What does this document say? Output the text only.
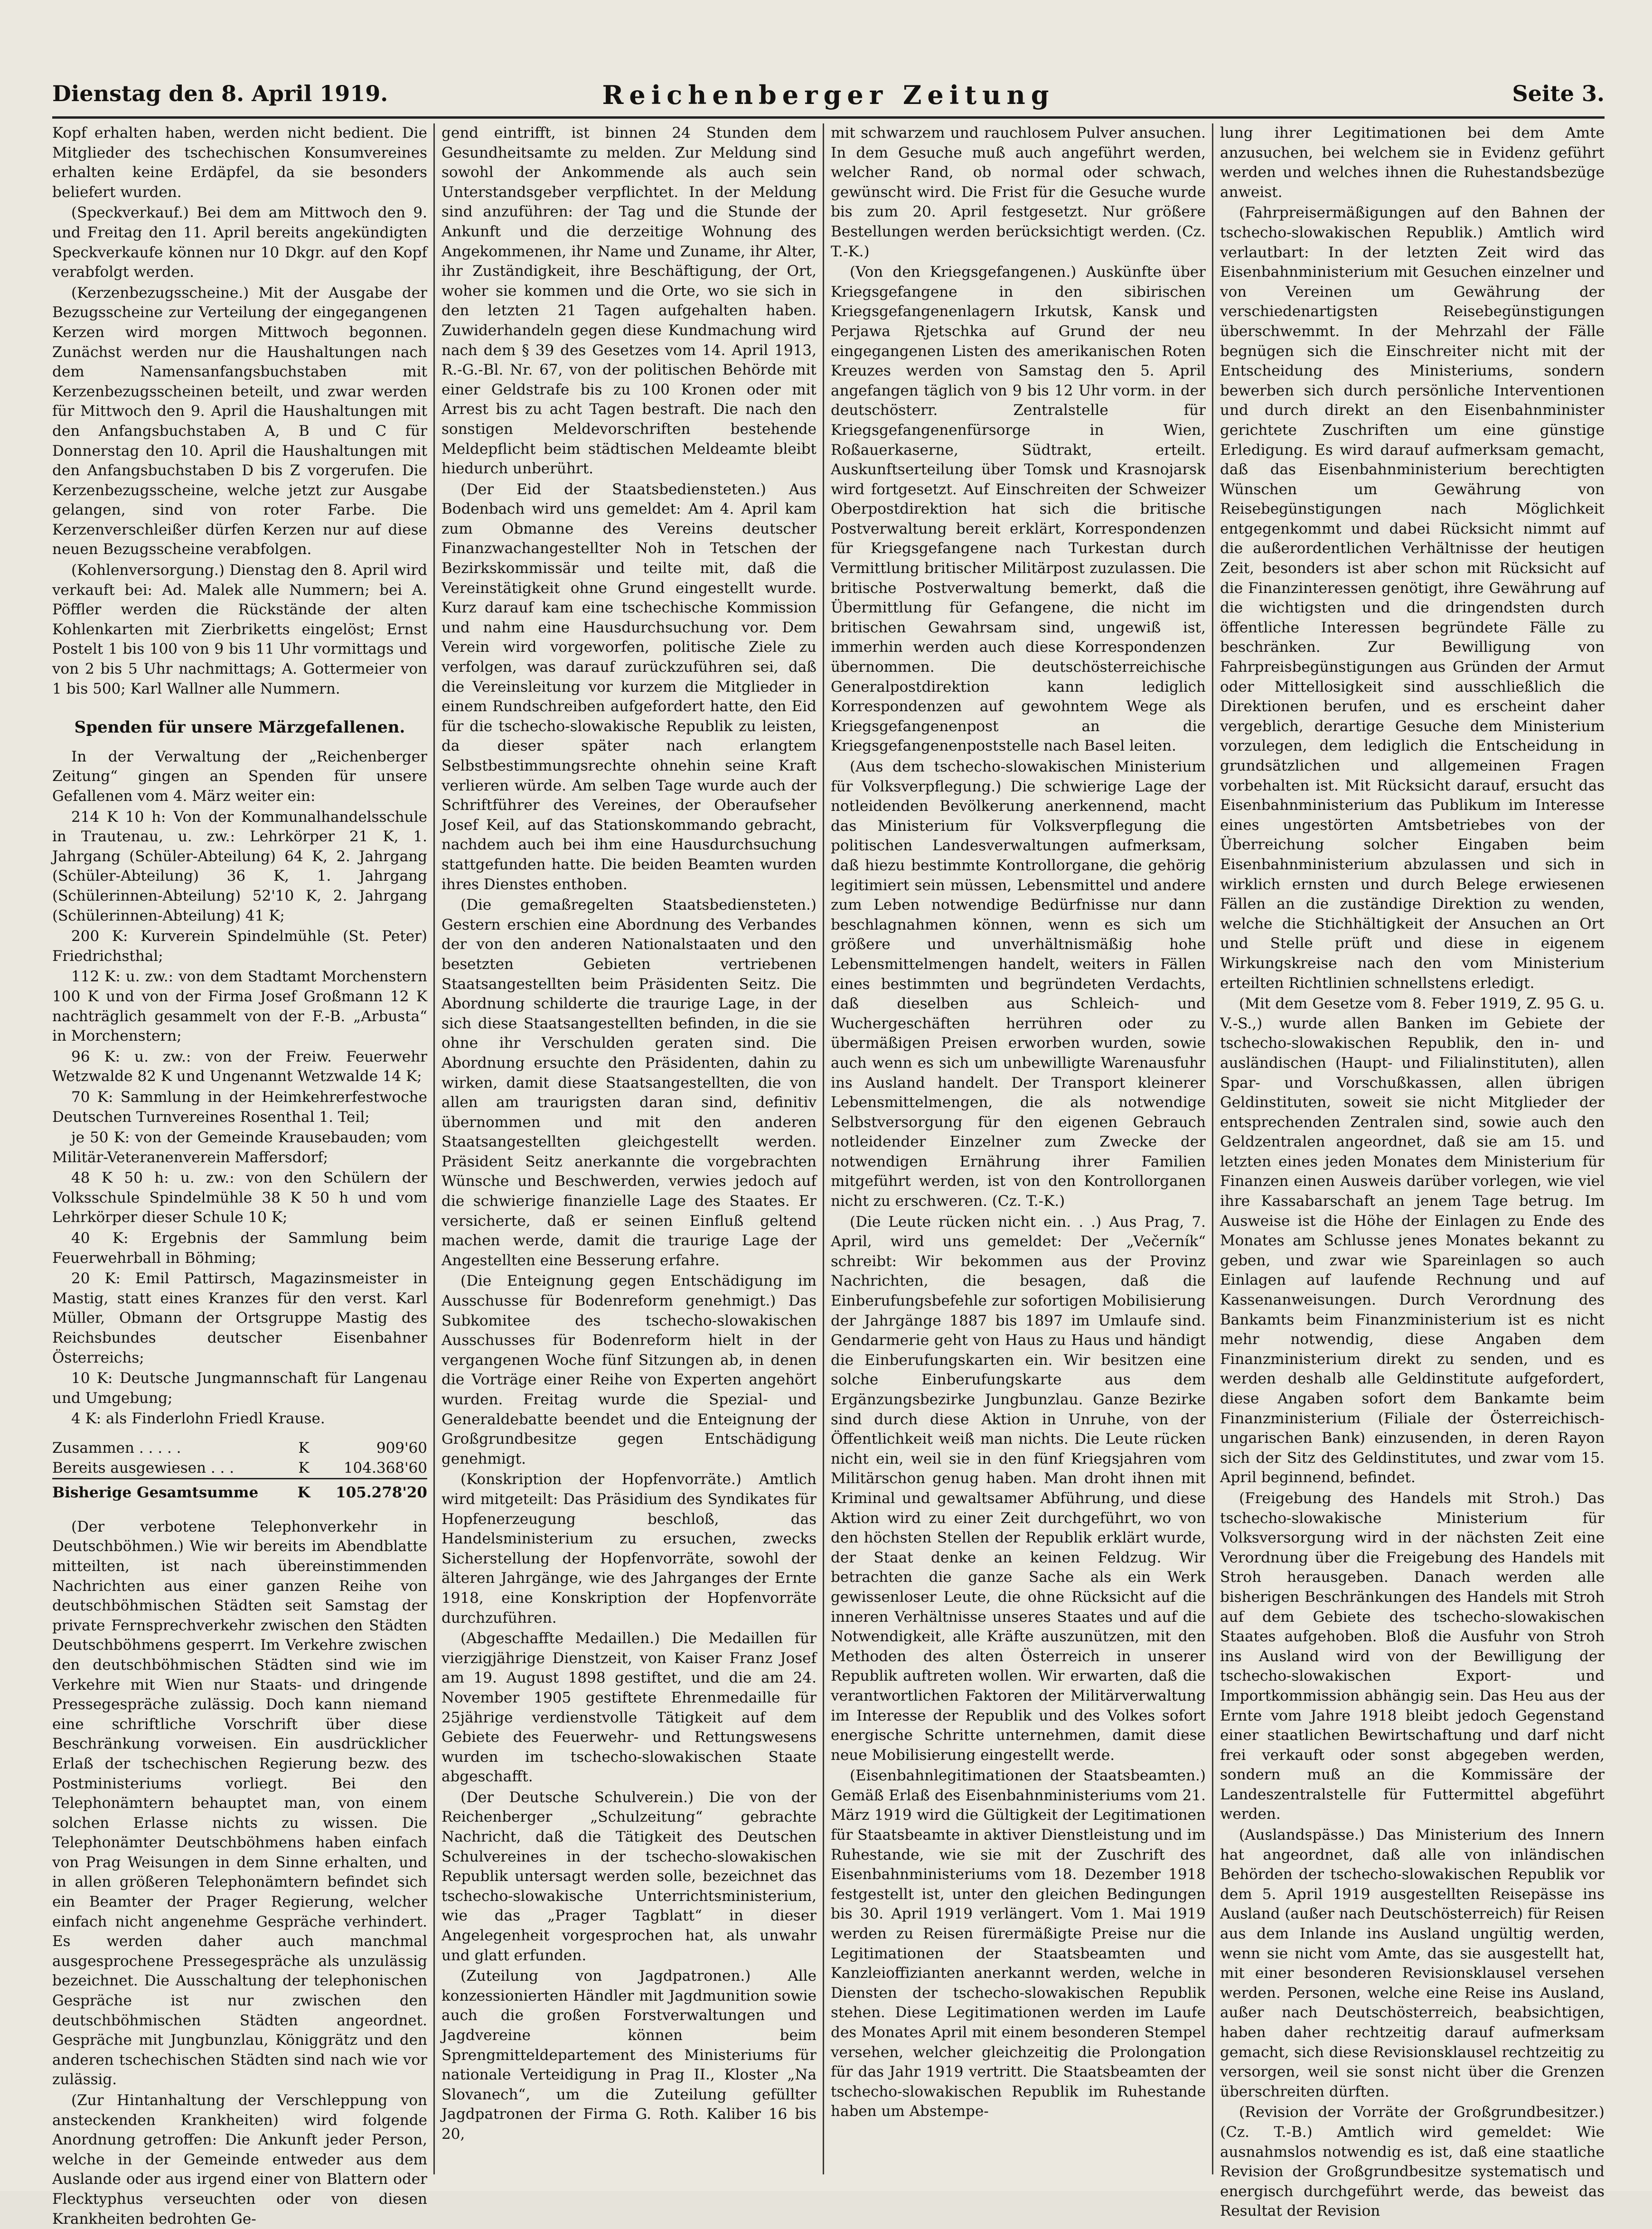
Dienstag den 8. April 1919.	Reichenberger Zeitung	Seite 3.

Kopf erhalten haben, werden nicht bedient. Die Mitglieder des tschechischen Konsumvereines erhalten keine Erdäpfel, da sie besonders beliefert wurden.

(Speckverkauf.) Bei dem am Mittwoch den 9. und Freitag den 11. April bereits angekündigten Speckverkaufe können nur 10 Dkgr. auf den Kopf verabfolgt werden.

(Kerzenbezugsscheine.) Mit der Ausgabe der Bezugsscheine zur Verteilung der eingegangenen Kerzen wird morgen Mittwoch begonnen. Zunächst werden nur die Haushaltungen nach dem Namensanfangsbuchstaben mit Kerzenbezugsscheinen beteilt, und zwar werden für Mittwoch den 9. April die Haushaltungen mit den Anfangsbuchstaben A, B und C für Donnerstag den 10. April die Haushaltungen mit den Anfangsbuchstaben D bis Z vorgerufen. Die Kerzenbezugsscheine, welche jetzt zur Ausgabe gelangen, sind von roter Farbe. Die Kerzenverschleißer dürfen Kerzen nur auf diese neuen Bezugsscheine verabfolgen.

(Kohlenversorgung.) Dienstag den 8. April wird verkauft bei: Ad. Malek alle Nummern; bei A. Pöffler werden die Rückstände der alten Kohlenkarten mit Zierbriketts eingelöst; Ernst Postelt 1 bis 100 von 9 bis 11 Uhr vormittags und von 2 bis 5 Uhr nachmittags; A. Gottermeier von 1 bis 500; Karl Wallner alle Nummern.

Spenden für unsere Märzgefallenen.

In der Verwaltung der „Reichenberger Zeitung“ gingen an Spenden für unsere Gefallenen vom 4. März weiter ein:

214 K 10 h: Von der Kommunalhandelsschule in Trautenau, u. zw.: Lehrkörper 21 K, 1. Jahrgang (Schüler-Abteilung) 64 K, 2. Jahrgang (Schüler-Abteilung) 36 K, 1. Jahrgang (Schülerinnen-Abteilung) 52'10 K, 2. Jahrgang (Schülerinnen-Abteilung) 41 K;

200 K: Kurverein Spindelmühle (St. Peter) Friedrichsthal;

112 K: u. zw.: von dem Stadtamt Morchenstern 100 K und von der Firma Josef Großmann 12 K nachträglich gesammelt von der F.-B. „Arbusta“ in Morchenstern;

96 K: u. zw.: von der Freiw. Feuerwehr Wetzwalde 82 K und Ungenannt Wetzwalde 14 K;

70 K: Sammlung in der Heimkehrerfestwoche Deutschen Turnvereines Rosenthal 1. Teil;

je 50 K: von der Gemeinde Krausebauden; vom Militär-Veteranenverein Maffersdorf;

48 K 50 h: u. zw.: von den Schülern der Volksschule Spindelmühle 38 K 50 h und vom Lehrkörper dieser Schule 10 K;

40 K: Ergebnis der Sammlung beim Feuerwehrball in Böhming;

20 K: Emil Pattirsch, Magazinsmeister in Mastig, statt eines Kranzes für den verst. Karl Müller, Obmann der Ortsgruppe Mastig des Reichsbundes deutscher Eisenbahner Österreichs;

10 K: Deutsche Jungmannschaft für Langenau und Umgebung;

4 K: als Finderlohn Friedl Krause.

Zusammen . . . . .	K	909'60
Bereits ausgewiesen . . .	K	104.368'60
Bisherige Gesamtsumme	K	105.278'20

(Der verbotene Telephonverkehr in Deutschböhmen.) Wie wir bereits im Abendblatte mitteilten, ist nach übereinstimmenden Nachrichten aus einer ganzen Reihe von deutschböhmischen Städten seit Samstag der private Fernsprechverkehr zwischen den Städten Deutschböhmens gesperrt. Im Verkehre zwischen den deutschböhmischen Städten sind wie im Verkehre mit Wien nur Staats- und dringende Pressegespräche zulässig. Doch kann niemand eine schriftliche Vorschrift über diese Beschränkung vorweisen. Ein ausdrücklicher Erlaß der tschechischen Regierung bezw. des Postministeriums vorliegt. Bei den Telephonämtern behauptet man, von einem solchen Erlasse nichts zu wissen. Die Telephonämter Deutschböhmens haben einfach von Prag Weisungen in dem Sinne erhalten, und in allen größeren Telephonämtern befindet sich ein Beamter der Prager Regierung, welcher einfach nicht angenehme Gespräche verhindert. Es werden daher auch manchmal ausgesprochene Pressegespräche als unzulässig bezeichnet. Die Ausschaltung der telephonischen Gespräche ist nur zwischen den deutschböhmischen Städten angeordnet. Gespräche mit Jungbunzlau, Königgrätz und den anderen tschechischen Städten sind nach wie vor zulässig.

(Zur Hintanhaltung der Verschleppung von ansteckenden Krankheiten) wird folgende Anordnung getroffen: Die Ankunft jeder Person, welche in der Gemeinde entweder aus dem Auslande oder aus irgend einer von Blattern oder Flecktyphus verseuchten oder von diesen Krankheiten bedrohten Ge-

gend eintrifft, ist binnen 24 Stunden dem Gesundheitsamte zu melden. Zur Meldung sind sowohl der Ankommende als auch sein Unterstandsgeber verpflichtet. In der Meldung sind anzuführen: der Tag und die Stunde der Ankunft und die derzeitige Wohnung des Angekommenen, ihr Name und Zuname, ihr Alter, ihr Zuständigkeit, ihre Beschäftigung, der Ort, woher sie kommen und die Orte, wo sie sich in den letzten 21 Tagen aufgehalten haben. Zuwiderhandeln gegen diese Kundmachung wird nach dem § 39 des Gesetzes vom 14. April 1913, R.-G.-Bl. Nr. 67, von der politischen Behörde mit einer Geldstrafe bis zu 100 Kronen oder mit Arrest bis zu acht Tagen bestraft. Die nach den sonstigen Meldevorschriften bestehende Meldepflicht beim städtischen Meldeamte bleibt hiedurch unberührt.

(Der Eid der Staatsbediensteten.) Aus Bodenbach wird uns gemeldet: Am 4. April kam zum Obmanne des Vereins deutscher Finanzwachangestellter Noh in Tetschen der Bezirkskommissär und teilte mit, daß die Vereinstätigkeit ohne Grund eingestellt wurde. Kurz darauf kam eine tschechische Kommission und nahm eine Hausdurchsuchung vor. Dem Verein wird vorgeworfen, politische Ziele zu verfolgen, was darauf zurückzuführen sei, daß die Vereinsleitung vor kurzem die Mitglieder in einem Rundschreiben aufgefordert hatte, den Eid für die tschecho-slowakische Republik zu leisten, da dieser später nach erlangtem Selbstbestimmungsrechte ohnehin seine Kraft verlieren würde. Am selben Tage wurde auch der Schriftführer des Vereines, der Oberaufseher Josef Keil, auf das Stationskommando gebracht, nachdem auch bei ihm eine Hausdurchsuchung stattgefunden hatte. Die beiden Beamten wurden ihres Dienstes enthoben.

(Die gemaßregelten Staatsbediensteten.) Gestern erschien eine Abordnung des Verbandes der von den anderen Nationalstaaten und den besetzten Gebieten vertriebenen Staatsangestellten beim Präsidenten Seitz. Die Abordnung schilderte die traurige Lage, in der sich diese Staatsangestellten befinden, in die sie ohne ihr Verschulden geraten sind. Die Abordnung ersuchte den Präsidenten, dahin zu wirken, damit diese Staatsangestellten, die von allen am traurigsten daran sind, definitiv übernommen und mit den anderen Staatsangestellten gleichgestellt werden. Präsident Seitz anerkannte die vorgebrachten Wünsche und Beschwerden, verwies jedoch auf die schwierige finanzielle Lage des Staates. Er versicherte, daß er seinen Einfluß geltend machen werde, damit die traurige Lage der Angestellten eine Besserung erfahre.

(Die Enteignung gegen Entschädigung im Ausschusse für Bodenreform genehmigt.) Das Subkomitee des tschecho-slowakischen Ausschusses für Bodenreform hielt in der vergangenen Woche fünf Sitzungen ab, in denen die Vorträge einer Reihe von Experten angehört wurden. Freitag wurde die Spezial- und Generaldebatte beendet und die Enteignung der Großgrundbesitze gegen Entschädigung genehmigt.

(Konskription der Hopfenvorräte.) Amtlich wird mitgeteilt: Das Präsidium des Syndikates für Hopfenerzeugung beschloß, das Handelsministerium zu ersuchen, zwecks Sicherstellung der Hopfenvorräte, sowohl der älteren Jahrgänge, wie des Jahrganges der Ernte 1918, eine Konskription der Hopfenvorräte durchzuführen.

(Abgeschaffte Medaillen.) Die Medaillen für vierzigjährige Dienstzeit, von Kaiser Franz Josef am 19. August 1898 gestiftet, und die am 24. November 1905 gestiftete Ehrenmedaille für 25jährige verdienstvolle Tätigkeit auf dem Gebiete des Feuerwehr- und Rettungswesens wurden im tschecho-slowakischen Staate abgeschafft.

(Der Deutsche Schulverein.) Die von der Reichenberger „Schulzeitung“ gebrachte Nachricht, daß die Tätigkeit des Deutschen Schulvereines in der tschecho-slowakischen Republik untersagt werden solle, bezeichnet das tschecho-slowakische Unterrichtsministerium, wie das „Prager Tagblatt“ in dieser Angelegenheit vorgesprochen hat, als unwahr und glatt erfunden.

(Zuteilung von Jagdpatronen.) Alle konzessionierten Händler mit Jagdmunition sowie auch die großen Forstverwaltungen und Jagdvereine können beim Sprengmitteldepartement des Ministeriums für nationale Verteidigung in Prag II., Kloster „Na Slovanech“, um die Zuteilung gefüllter Jagdpatronen der Firma G. Roth. Kaliber 16 bis 20,

mit schwarzem und rauchlosem Pulver ansuchen. In dem Gesuche muß auch angeführt werden, welcher Rand, ob normal oder schwach, gewünscht wird. Die Frist für die Gesuche wurde bis zum 20. April festgesetzt. Nur größere Bestellungen werden berücksichtigt werden. (Cz. T.-K.)

(Von den Kriegsgefangenen.) Auskünfte über Kriegsgefangene in den sibirischen Kriegsgefangenenlagern Irkutsk, Kansk und Perjawa Rjetschka auf Grund der neu eingegangenen Listen des amerikanischen Roten Kreuzes werden von Samstag den 5. April angefangen täglich von 9 bis 12 Uhr vorm. in der deutschösterr. Zentralstelle für Kriegsgefangenenfürsorge in Wien, Roßauerkaserne, Südtrakt, erteilt. Auskunftserteilung über Tomsk und Krasnojarsk wird fortgesetzt. Auf Einschreiten der Schweizer Oberpostdirektion hat sich die britische Postverwaltung bereit erklärt, Korrespondenzen für Kriegsgefangene nach Turkestan durch Vermittlung britischer Militärpost zuzulassen. Die britische Postverwaltung bemerkt, daß die Übermittlung für Gefangene, die nicht im britischen Gewahrsam sind, ungewiß ist, immerhin werden auch diese Korrespondenzen übernommen. Die deutschösterreichische Generalpostdirektion kann lediglich Korrespondenzen auf gewohntem Wege als Kriegsgefangenenpost an die Kriegsgefangenenpoststelle nach Basel leiten.

(Aus dem tschecho-slowakischen Ministerium für Volksverpflegung.) Die schwierige Lage der notleidenden Bevölkerung anerkennend, macht das Ministerium für Volksverpflegung die politischen Landesverwaltungen aufmerksam, daß hiezu bestimmte Kontrollorgane, die gehörig legitimiert sein müssen, Lebensmittel und andere zum Leben notwendige Bedürfnisse nur dann beschlagnahmen können, wenn es sich um größere und unverhältnismäßig hohe Lebensmittelmengen handelt, weiters in Fällen eines bestimmten und begründeten Verdachts, daß dieselben aus Schleich- und Wuchergeschäften herrühren oder zu übermäßigen Preisen erworben wurden, sowie auch wenn es sich um unbewilligte Warenausfuhr ins Ausland handelt. Der Transport kleinerer Lebensmittelmengen, die als notwendige Selbstversorgung für den eigenen Gebrauch notleidender Einzelner zum Zwecke der notwendigen Ernährung ihrer Familien mitgeführt werden, ist von den Kontrollorganen nicht zu erschweren. (Cz. T.-K.)

(Die Leute rücken nicht ein. . .) Aus Prag, 7. April, wird uns gemeldet: Der „Večerník“ schreibt: Wir bekommen aus der Provinz Nachrichten, die besagen, daß die Einberufungsbefehle zur sofortigen Mobilisierung der Jahrgänge 1887 bis 1897 im Umlaufe sind. Gendarmerie geht von Haus zu Haus und händigt die Einberufungskarten ein. Wir besitzen eine solche Einberufungskarte aus dem Ergänzungsbezirke Jungbunzlau. Ganze Bezirke sind durch diese Aktion in Unruhe, von der Öffentlichkeit weiß man nichts. Die Leute rücken nicht ein, weil sie in den fünf Kriegsjahren vom Militärschon genug haben. Man droht ihnen mit Kriminal und gewaltsamer Abführung, und diese Aktion wird zu einer Zeit durchgeführt, wo von den höchsten Stellen der Republik erklärt wurde, der Staat denke an keinen Feldzug. Wir betrachten die ganze Sache als ein Werk gewissenloser Leute, die ohne Rücksicht auf die inneren Verhältnisse unseres Staates und auf die Notwendigkeit, alle Kräfte auszunützen, mit den Methoden des alten Österreich in unserer Republik auftreten wollen. Wir erwarten, daß die verantwortlichen Faktoren der Militärverwaltung im Interesse der Republik und des Volkes sofort energische Schritte unternehmen, damit diese neue Mobilisierung eingestellt werde.

(Eisenbahnlegitimationen der Staatsbeamten.) Gemäß Erlaß des Eisenbahnministeriums vom 21. März 1919 wird die Gültigkeit der Legitimationen für Staatsbeamte in aktiver Dienstleistung und im Ruhestande, wie sie mit der Zuschrift des Eisenbahnministeriums vom 18. Dezember 1918 festgestellt ist, unter den gleichen Bedingungen bis 30. April 1919 verlängert. Vom 1. Mai 1919 werden zu Reisen fürermäßigte Preise nur die Legitimationen der Staatsbeamten und Kanzleioffizianten anerkannt werden, welche in Diensten der tschecho-slowakischen Republik stehen. Diese Legitimationen werden im Laufe des Monates April mit einem besonderen Stempel versehen, welcher gleichzeitig die Prolongation für das Jahr 1919 vertritt. Die Staatsbeamten der tschecho-slowakischen Republik im Ruhestande haben um Abstempe-

lung ihrer Legitimationen bei dem Amte anzusuchen, bei welchem sie in Evidenz geführt werden und welches ihnen die Ruhestandsbezüge anweist.

(Fahrpreisermäßigungen auf den Bahnen der tschecho-slowakischen Republik.) Amtlich wird verlautbart: In der letzten Zeit wird das Eisenbahnministerium mit Gesuchen einzelner und von Vereinen um Gewährung der verschiedenartigsten Reisebegünstigungen überschwemmt. In der Mehrzahl der Fälle begnügen sich die Einschreiter nicht mit der Entscheidung des Ministeriums, sondern bewerben sich durch persönliche Interventionen und durch direkt an den Eisenbahnminister gerichtete Zuschriften um eine günstige Erledigung. Es wird darauf aufmerksam gemacht, daß das Eisenbahnministerium berechtigten Wünschen um Gewährung von Reisebegünstigungen nach Möglichkeit entgegenkommt und dabei Rücksicht nimmt auf die außerordentlichen Verhältnisse der heutigen Zeit, besonders ist aber schon mit Rücksicht auf die Finanzinteressen genötigt, ihre Gewährung auf die wichtigsten und die dringendsten durch öffentliche Interessen begründete Fälle zu beschränken. Zur Bewilligung von Fahrpreisbegünstigungen aus Gründen der Armut oder Mittellosigkeit sind ausschließlich die Direktionen berufen, und es erscheint daher vergeblich, derartige Gesuche dem Ministerium vorzulegen, dem lediglich die Entscheidung in grundsätzlichen und allgemeinen Fragen vorbehalten ist. Mit Rücksicht darauf, ersucht das Eisenbahnministerium das Publikum im Interesse eines ungestörten Amtsbetriebes von der Überreichung solcher Eingaben beim Eisenbahnministerium abzulassen und sich in wirklich ernsten und durch Belege erwiesenen Fällen an die zuständige Direktion zu wenden, welche die Stichhältigkeit der Ansuchen an Ort und Stelle prüft und diese in eigenem Wirkungskreise nach den vom Ministerium erteilten Richtlinien schnellstens erledigt.

(Mit dem Gesetze vom 8. Feber 1919, Z. 95 G. u. V.-S.,) wurde allen Banken im Gebiete der tschecho-slowakischen Republik, den in- und ausländischen (Haupt- und Filialinstituten), allen Spar- und Vorschußkassen, allen übrigen Geldinstituten, soweit sie nicht Mitglieder der entsprechenden Zentralen sind, sowie auch den Geldzentralen angeordnet, daß sie am 15. und letzten eines jeden Monates dem Ministerium für Finanzen einen Ausweis darüber vorlegen, wie viel ihre Kassabarschaft an jenem Tage betrug. Im Ausweise ist die Höhe der Einlagen zu Ende des Monates am Schlusse jenes Monates bekannt zu geben, und zwar wie Spareinlagen so auch Einlagen auf laufende Rechnung und auf Kassenanweisungen. Durch Verordnung des Bankamts beim Finanzministerium ist es nicht mehr notwendig, diese Angaben dem Finanzministerium direkt zu senden, und es werden deshalb alle Geldinstitute aufgefordert, diese Angaben sofort dem Bankamte beim Finanzministerium (Filiale der Österreichisch-ungarischen Bank) einzusenden, in deren Rayon sich der Sitz des Geldinstitutes, und zwar vom 15. April beginnend, befindet.

(Freigebung des Handels mit Stroh.) Das tschecho-slowakische Ministerium für Volksversorgung wird in der nächsten Zeit eine Verordnung über die Freigebung des Handels mit Stroh herausgeben. Danach werden alle bisherigen Beschränkungen des Handels mit Stroh auf dem Gebiete des tschecho-slowakischen Staates aufgehoben. Bloß die Ausfuhr von Stroh ins Ausland wird von der Bewilligung der tschecho-slowakischen Export- und Importkommission abhängig sein. Das Heu aus der Ernte vom Jahre 1918 bleibt jedoch Gegenstand einer staatlichen Bewirtschaftung und darf nicht frei verkauft oder sonst abgegeben werden, sondern muß an die Kommissäre der Landeszentralstelle für Futtermittel abgeführt werden.

(Auslandspässe.) Das Ministerium des Innern hat angeordnet, daß alle von inländischen Behörden der tschecho-slowakischen Republik vor dem 5. April 1919 ausgestellten Reisepässe ins Ausland (außer nach Deutschösterreich) für Reisen aus dem Inlande ins Ausland ungültig werden, wenn sie nicht vom Amte, das sie ausgestellt hat, mit einer besonderen Revisionsklausel versehen werden. Personen, welche eine Reise ins Ausland, außer nach Deutschösterreich, beabsichtigen, haben daher rechtzeitig darauf aufmerksam gemacht, sich diese Revisionsklausel rechtzeitig zu versorgen, weil sie sonst nicht über die Grenzen überschreiten dürften.

(Revision der Vorräte der Großgrundbesitzer.) (Cz. T.-B.) Amtlich wird gemeldet: Wie ausnahmslos notwendig es ist, daß eine staatliche Revision der Großgrundbesitze systematisch und energisch durchgeführt werde, das beweist das Resultat der Revision
